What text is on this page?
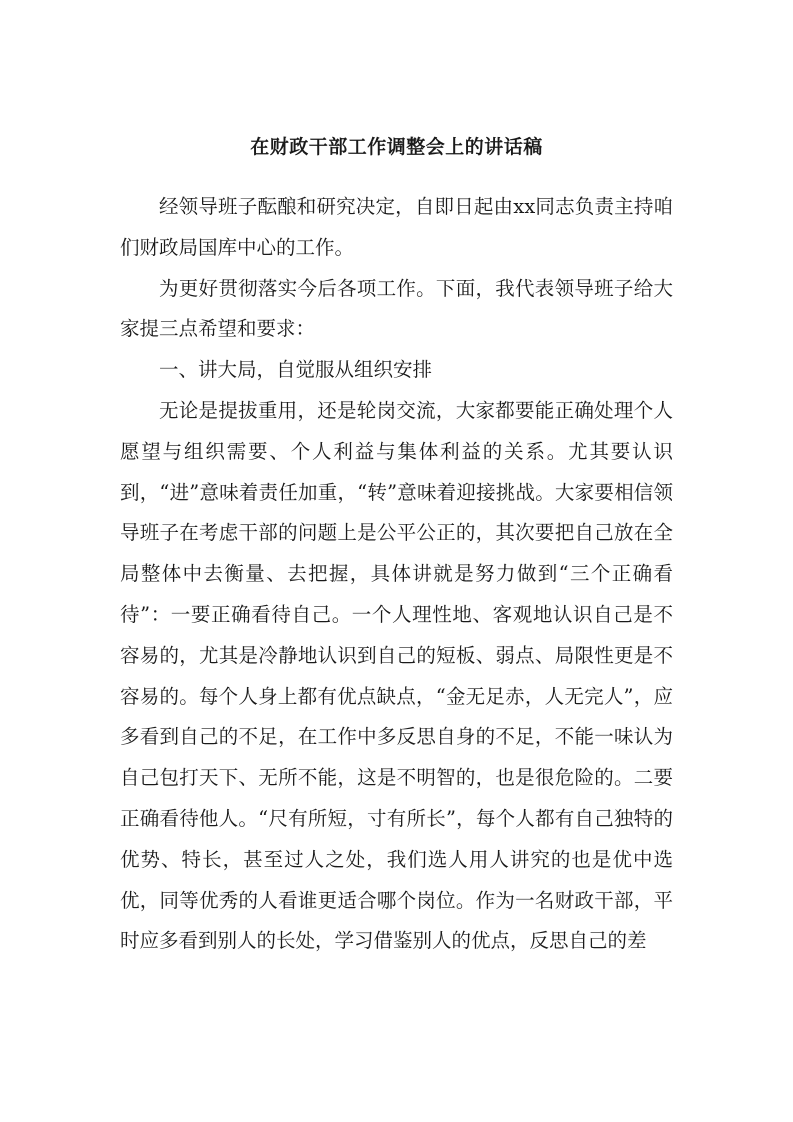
在财政干部工作调整会上的讲话稿

经领导班子酝酿和研究决定，自即日起由xx同志负责主持咱们财政局国库中心的工作。

为更好贯彻落实今后各项工作。下面，我代表领导班子给大家提三点希望和要求：

一、讲大局，自觉服从组织安排

无论是提拔重用，还是轮岗交流，大家都要能正确处理个人愿望与组织需要、个人利益与集体利益的关系。尤其要认识到，“进”意味着责任加重，“转”意味着迎接挑战。大家要相信领导班子在考虑干部的问题上是公平公正的，其次要把自己放在全局整体中去衡量、去把握，具体讲就是努力做到“三个正确看待”：一要正确看待自己。一个人理性地、客观地认识自己是不容易的，尤其是冷静地认识到自己的短板、弱点、局限性更是不容易的。每个人身上都有优点缺点，“金无足赤，人无完人”，应多看到自己的不足，在工作中多反思自身的不足，不能一味认为自己包打天下、无所不能，这是不明智的，也是很危险的。二要正确看待他人。“尺有所短，寸有所长”，每个人都有自己独特的优势、特长，甚至过人之处，我们选人用人讲究的也是优中选优，同等优秀的人看谁更适合哪个岗位。作为一名财政干部，平时应多看到别人的长处，学习借鉴别人的优点，反思自己的差
